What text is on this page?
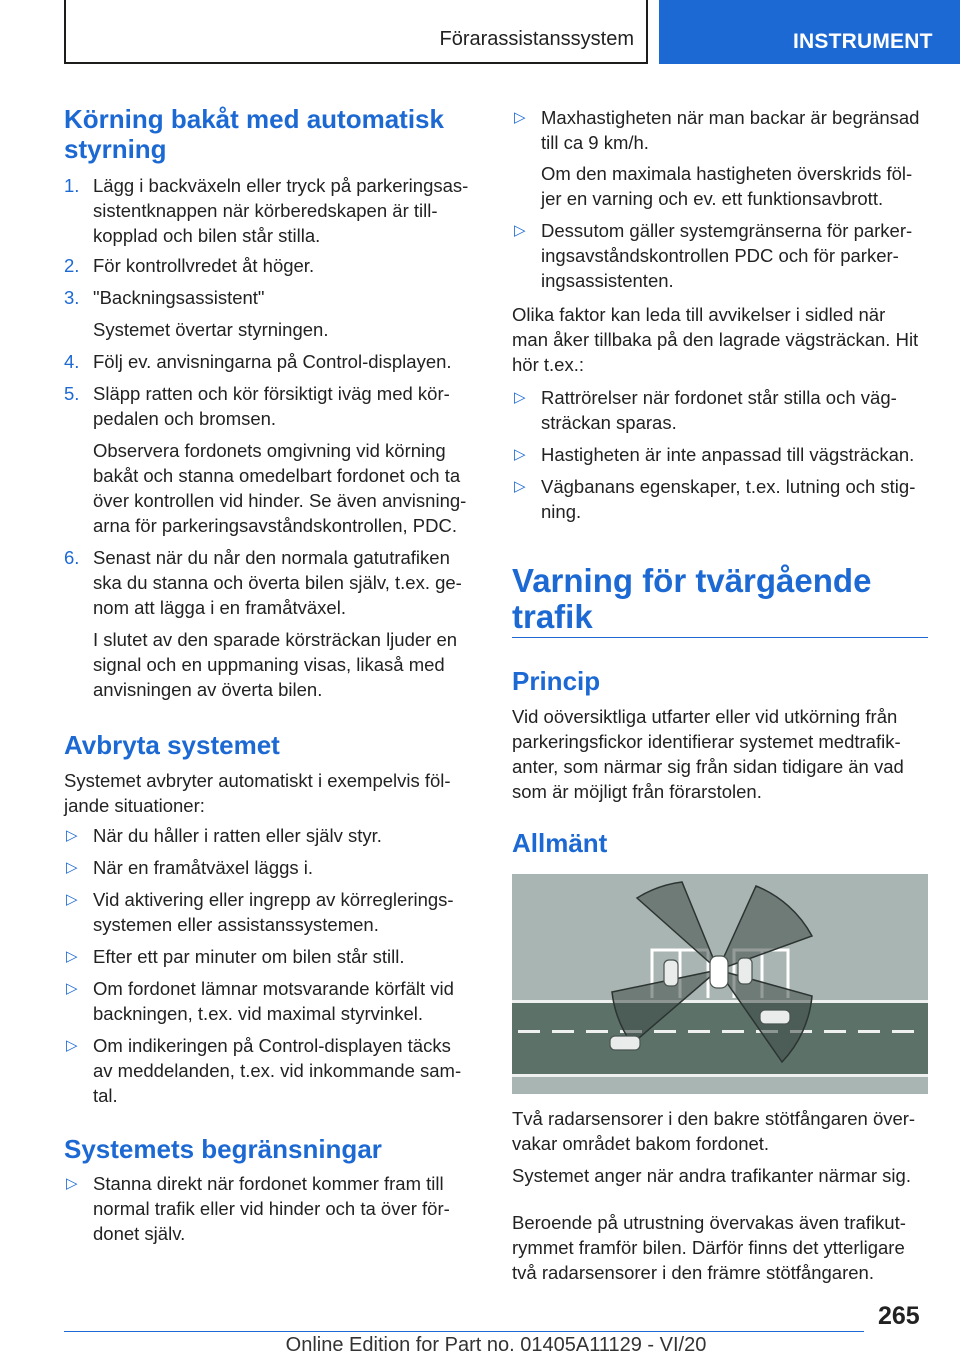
Förarassistanssystem	INSTRUMENT
Körning bakåt med automatisk styrning
1. Lägg i backväxeln eller tryck på parkeringsas-
sistentknappen när körberedskapen är till-
kopplad och bilen står stilla.
2. För kontrollvredet åt höger.
3. "Backningsassistent"
Systemet övertar styrningen.
4. Följ ev. anvisningarna på Control-displayen.
5. Släpp ratten och kör försiktigt iväg med kör-
pedalen och bromsen.
Observera fordonets omgivning vid körning
bakåt och stanna omedelbart fordonet och ta
över kontrollen vid hinder. Se även anvisning-
arna för parkeringsavståndskontrollen, PDC.
6. Senast när du når den normala gatutrafiken
ska du stanna och överta bilen själv, t.ex. ge-
nom att lägga i en framåtväxel.
I slutet av den sparade körsträckan ljuder en
signal och en uppmaning visas, likaså med
anvisningen av överta bilen.
Avbryta systemet

Systemet avbryter automatiskt i exempelvis föl-
jande situationer:

▷ När du håller i ratten eller själv styr.
▷ När en framåtväxel läggs i.
▷ Vid aktivering eller ingrepp av körreglerings-
systemen eller assistanssystemen.
▷ Efter ett par minuter om bilen står still.
▷ Om fordonet lämnar motsvarande körfält vid
backningen, t.ex. vid maximal styrvinkel.
▷ Om indikeringen på Control-displayen täcks
av meddelanden, t.ex. vid inkommande sam-
tal.
Systemets begränsningar
▷ Stanna direkt när fordonet kommer fram till
normal trafik eller vid hinder och ta över för-
donet själv.
▷ Maxhastigheten när man backar är begränsad
till ca 9 km/h.

Om den maximala hastigheten överskrids föl-
jer en varning och ev. ett funktionsavbrott.

▷ Dessutom gäller systemgränserna för parker-
ingsavståndskontrollen PDC och för parker-
ingsassistenten.

Olika faktor kan leda till avvikelser i sidled när
man åker tillbaka på den lagrade vägsträckan. Hit
hör t.ex.:

▷ Rattrörelser när fordonet står stilla och väg-
sträckan sparas.
▷ Hastigheten är inte anpassad till vägsträckan.
▷ Vägbanans egenskaper, t.ex. lutning och stig-
ning.
Varning för tvärgående trafik
Princip

Vid oöversiktliga utfarter eller vid utkörning från
parkeringsfickor identifierar systemet medtrafik-
anter, som närmar sig från sidan tidigare än vad
som är möjligt från förarstolen.

Allmänt

Två radarsensorer i den bakre stötfångaren över-
vakar området bakom fordonet.

Systemet anger när andra trafikanter närmar sig.

Beroende på utrustning övervakas även trafikut-
rymmet framför bilen. Därför finns det ytterligare
två radarsensorer i den främre stötfångaren.

265
Online Edition for Part no. 01405A11129 - VI/20
